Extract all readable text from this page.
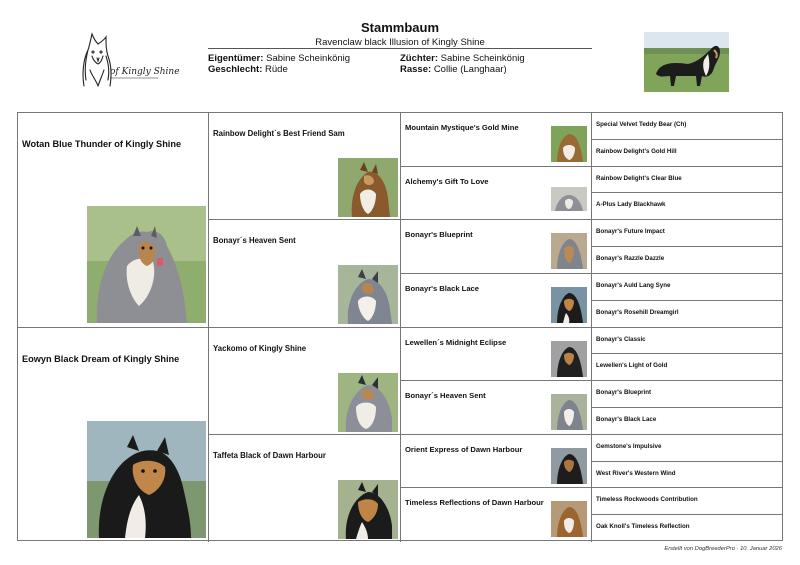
of Kingly Shine
Stammbaum
Ravenclaw black Illusion of Kingly Shine
Eigentümer: Sabine Scheinkönig
Geschlecht: Rüde
Züchter: Sabine Scheinkönig
Rasse: Collie (Langhaar)
Wotan Blue Thunder of Kingly Shine
Eowyn Black Dream of Kingly Shine
Rainbow Delight`s Best Friend Sam
Bonayr´s Heaven Sent
Yackomo of Kingly Shine
Taffeta Black of Dawn Harbour
Mountain Mystique's Gold Mine
Alchemy's Gift To Love
Bonayr's Blueprint
Bonayr's Black Lace
Lewellen´s Midnight Eclipse
Bonayr´s Heaven Sent
Orient Express of Dawn Harbour
Timeless Reflections of Dawn Harbour
Special Velvet Teddy Bear (Ch)
Rainbow Delight's Gold Hill
Rainbow Delight's Clear Blue
A-Plus Lady Blackhawk
Bonayr's Future Impact
Bonayr's Razzle Dazzle
Bonayr's Auld Lang Syne
Bonayr's Rosehill Dreamgirl
Bonayr's Classic
Lewellen's Light of Gold
Bonayr's Blueprint
Bonayr's Black Lace
Gemstone's Impulsive
West River's Western Wind
Timeless Rockwoods Contribution
Oak Knoll's Timeless Reflection
Erstellt von DogBreederPro · 10. Januar 2026
